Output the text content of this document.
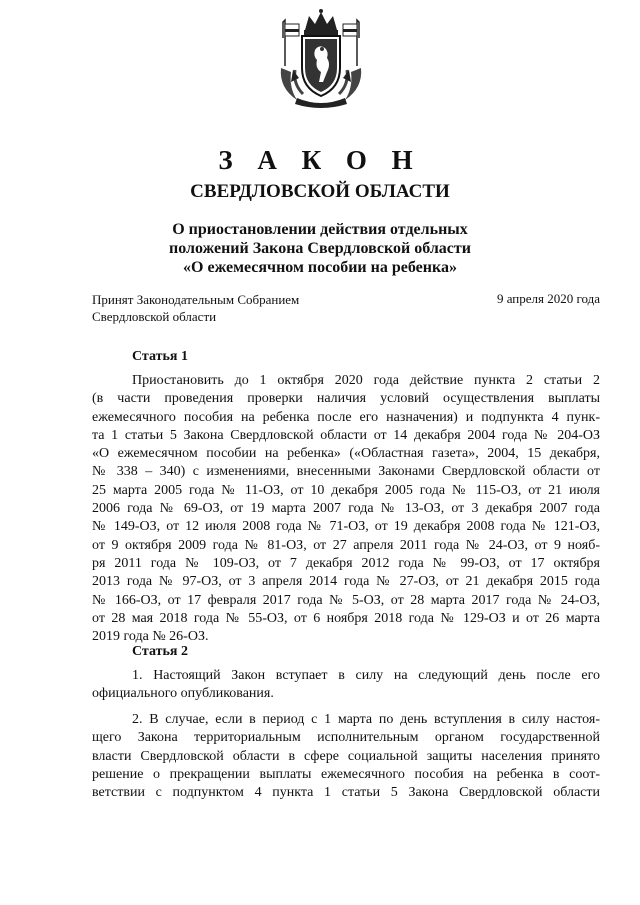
З А К О Н
СВЕРДЛОВСКОЙ ОБЛАСТИ
О приостановлении действия отдельных
положений Закона Свердловской области
«О ежемесячном пособии на ребенка»
Принят Законодательным Собранием
Свердловской области
9 апреля 2020 года
Статья 1
Приостановить до 1 октября 2020 года действие пункта 2 статьи 2
(в части проведения проверки наличия условий осуществления выплаты
ежемесячного пособия на ребенка после его назначения) и подпункта 4 пунк-
та 1 статьи 5 Закона Свердловской области от 14 декабря 2004 года № 204-ОЗ
«О ежемесячном пособии на ребенка» («Областная газета», 2004, 15 декабря,
№ 338 – 340) с изменениями, внесенными Законами Свердловской области от
25 марта 2005 года № 11-ОЗ, от 10 декабря 2005 года № 115-ОЗ, от 21 июля
2006 года № 69-ОЗ, от 19 марта 2007 года № 13-ОЗ, от 3 декабря 2007 года
№ 149-ОЗ, от 12 июля 2008 года № 71-ОЗ, от 19 декабря 2008 года № 121-ОЗ,
от 9 октября 2009 года № 81-ОЗ, от 27 апреля 2011 года № 24-ОЗ, от 9 нояб-
ря 2011 года № 109-ОЗ, от 7 декабря 2012 года № 99-ОЗ, от 17 октября
2013 года № 97-ОЗ, от 3 апреля 2014 года № 27-ОЗ, от 21 декабря 2015 года
№ 166-ОЗ, от 17 февраля 2017 года № 5-ОЗ, от 28 марта 2017 года № 24-ОЗ,
от 28 мая 2018 года № 55-ОЗ, от 6 ноября 2018 года № 129-ОЗ и от 26 марта
2019 года № 26-ОЗ.
Статья 2
1. Настоящий Закон вступает в силу на следующий день после его
официального опубликования.
2. В случае, если в период с 1 марта по день вступления в силу настоя-
щего Закона территориальным исполнительным органом государственной
власти Свердловской области в сфере социальной защиты населения принято
решение о прекращении выплаты ежемесячного пособия на ребенка в соот-
ветствии с подпунктом 4 пункта 1 статьи 5 Закона Свердловской области
